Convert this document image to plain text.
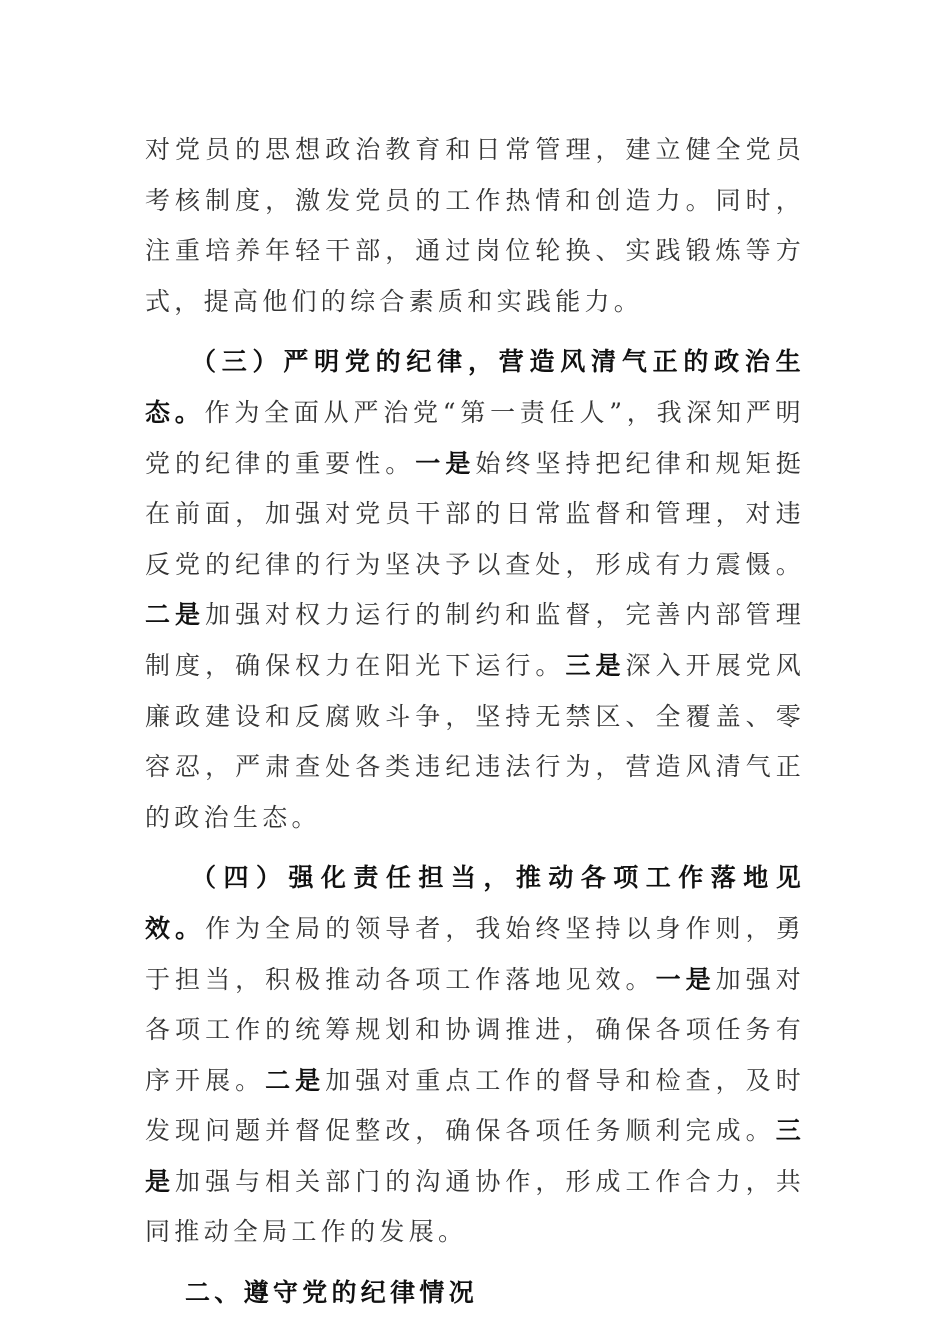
对党员的思想政治教育和日常管理，建立健全党员考核制度，激发党员的工作热情和创造力。同时，注重培养年轻干部，通过岗位轮换、实践锻炼等方式，提高他们的综合素质和实践能力。

（三）严明党的纪律，营造风清气正的政治生态。作为全面从严治党“第一责任人”，我深知严明党的纪律的重要性。一是始终坚持把纪律和规矩挺在前面，加强对党员干部的日常监督和管理，对违反党的纪律的行为坚决予以查处，形成有力震慑。二是加强对权力运行的制约和监督，完善内部管理制度，确保权力在阳光下运行。三是深入开展党风廉政建设和反腐败斗争，坚持无禁区、全覆盖、零容忍，严肃查处各类违纪违法行为，营造风清气正的政治生态。

（四）强化责任担当，推动各项工作落地见效。作为全局的领导者，我始终坚持以身作则，勇于担当，积极推动各项工作落地见效。一是加强对各项工作的统筹规划和协调推进，确保各项任务有序开展。二是加强对重点工作的督导和检查，及时发现问题并督促整改，确保各项任务顺利完成。三是加强与相关部门的沟通协作，形成工作合力，共同推动全局工作的发展。

二、遵守党的纪律情况
